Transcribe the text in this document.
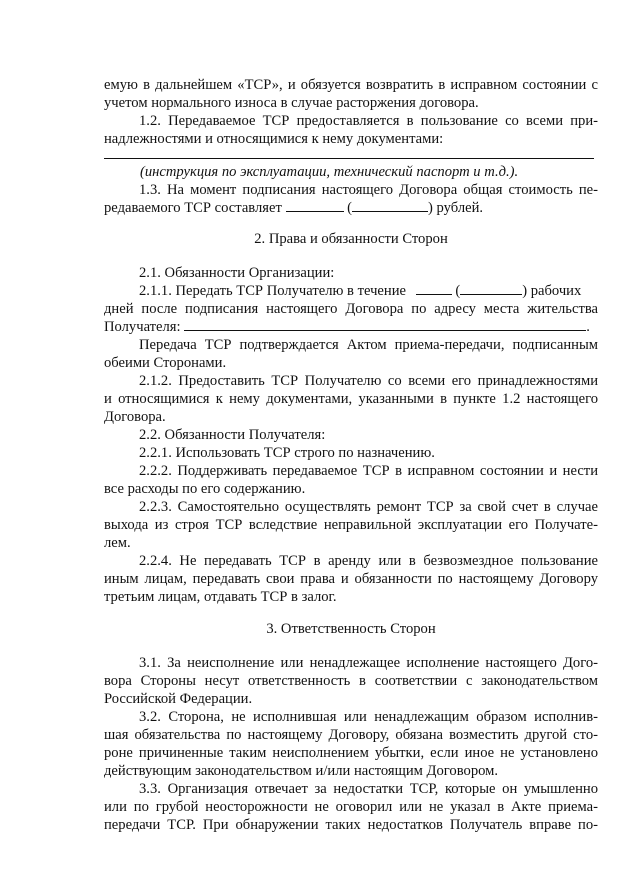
емую в дальнейшем «ТСР», и обязуется возвратить в исправном состоянии с
учетом нормального износа в случае расторжения договора.
1.2. Передаваемое ТСР предоставляется в пользование со всеми при-
надлежностями и относящимися к нему документами:
(инструкция по эксплуатации, технический паспорт и т.д.).
1.3. На момент подписания настоящего Договора общая стоимость пе-
редаваемого ТСР составляет	(	) рублей.
2. Права и обязанности Сторон
2.1. Обязанности Организации:
2.1.1. Передать ТСР Получателю в течение	(	) рабочих
дней после подписания настоящего Договора по адресу места жительства
Получателя:	.
Передача ТСР подтверждается Актом приема-передачи, подписанным
обеими Сторонами.
2.1.2. Предоставить ТСР Получателю со всеми его принадлежностями
и относящимися к нему документами, указанными в пункте 1.2 настоящего
Договора.
2.2. Обязанности Получателя:
2.2.1. Использовать ТСР строго по назначению.
2.2.2. Поддерживать передаваемое ТСР в исправном состоянии и нести
все расходы по его содержанию.
2.2.3. Самостоятельно осуществлять ремонт ТСР за свой счет в случае
выхода из строя ТСР вследствие неправильной эксплуатации его Получате-
лем.
2.2.4. Не передавать ТСР в аренду или в безвозмездное пользование
иным лицам, передавать свои права и обязанности по настоящему Договору
третьим лицам, отдавать ТСР в залог.
3. Ответственность Сторон
3.1. За неисполнение или ненадлежащее исполнение настоящего Дого-
вора Стороны несут ответственность в соответствии с законодательством
Российской Федерации.
3.2. Сторона, не исполнившая или ненадлежащим образом исполнив-
шая обязательства по настоящему Договору, обязана возместить другой сто-
роне причиненные таким неисполнением убытки, если иное не установлено
действующим законодательством и/или настоящим Договором.
3.3. Организация отвечает за недостатки ТСР, которые он умышленно
или по грубой неосторожности не оговорил или не указал в Акте приема-
передачи ТСР. При обнаружении таких недостатков Получатель вправе по-
